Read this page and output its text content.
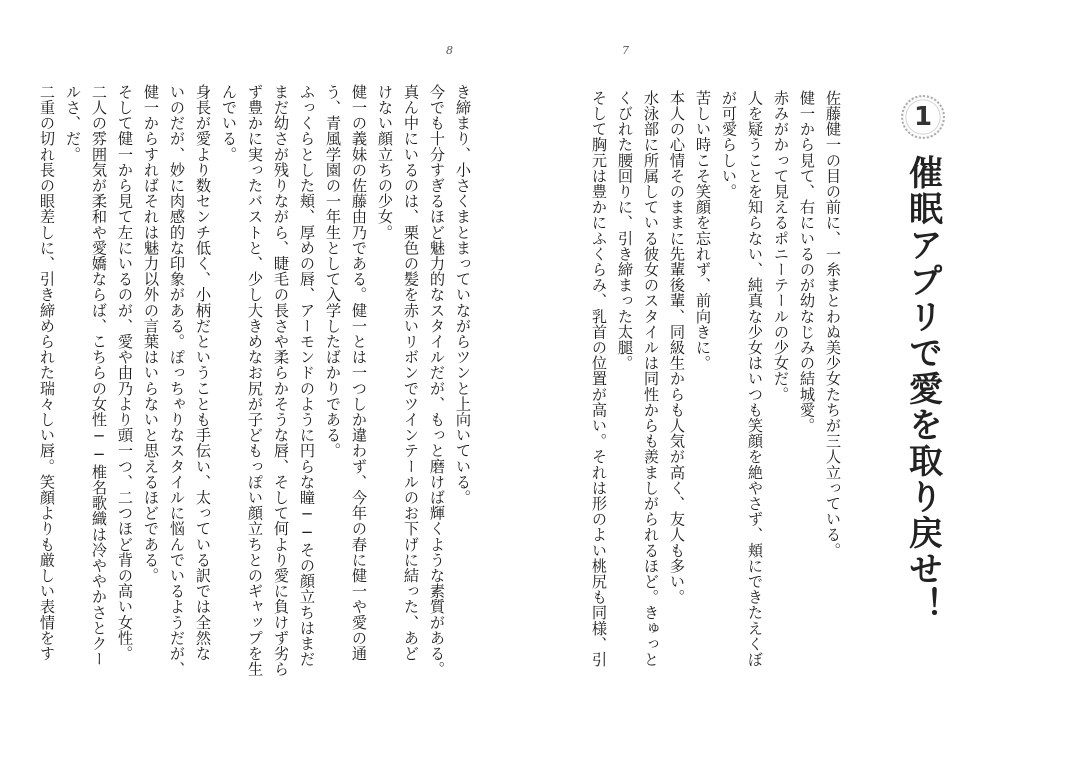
8	7
1
催眠アプリで愛を取り戻せ！
佐藤健一の目の前に、一糸まとわぬ美少女たちが三人立っている。
健一から見て、右にいるのが幼なじみの結城愛。
赤みがかって見えるポニーテールの少女だ。
人を疑うことを知らない、純真な少女はいつも笑顔を絶やさず、頬にできたえくぼ
が可愛らしい。
苦しい時こそ笑顔を忘れず、前向きに。
本人の心情そのままに先輩後輩、同級生からも人気が高く、友人も多い。
水泳部に所属している彼女のスタイルは同性からも羨ましがられるほど。きゅっと
くびれた腰回りに、引き締まった太腿。
そして胸元は豊かにふくらみ、乳首の位置が高い。それは形のよい桃尻も同様、引
き締まり、小さくまとまっていながらツンと上向いている。
今でも十分すぎるほど魅力的なスタイルだが、もっと磨けば輝くような素質がある。
真ん中にいるのは、栗色の髪を赤いリボンでツインテールのお下げに結った、あど
けない顔立ちの少女。
健一の義妹の佐藤由乃である。健一とは一つしか違わず、今年の春に健一や愛の通
う、青風学園の一年生として入学したばかりである。
ふっくらとした頬、厚めの唇、アーモンドのように円らな瞳──その顔立ちはまだ
まだ幼さが残りながら、睫毛の長さや柔らかそうな唇、そして何より愛に負けず劣ら
ず豊かに実ったバストと、少し大きめなお尻が子どもっぽい顔立ちとのギャップを生
んでいる。
身長が愛より数センチ低く、小柄だということも手伝い、太っている訳では全然な
いのだが、妙に肉感的な印象がある。ぽっちゃりなスタイルに悩んでいるようだが、
健一からすればそれは魅力以外の言葉はいらないと思えるほどである。
そして健一から見て左にいるのが、愛や由乃より頭一つ、二つほど背の高い女性。
二人の雰囲気が柔和や愛嬌ならば、こちらの女性──椎名歌織は冷ややかさとクー
ルさ、だ。
二重の切れ長の眼差しに、引き締められた瑞々しい唇。笑顔よりも厳しい表情をす
